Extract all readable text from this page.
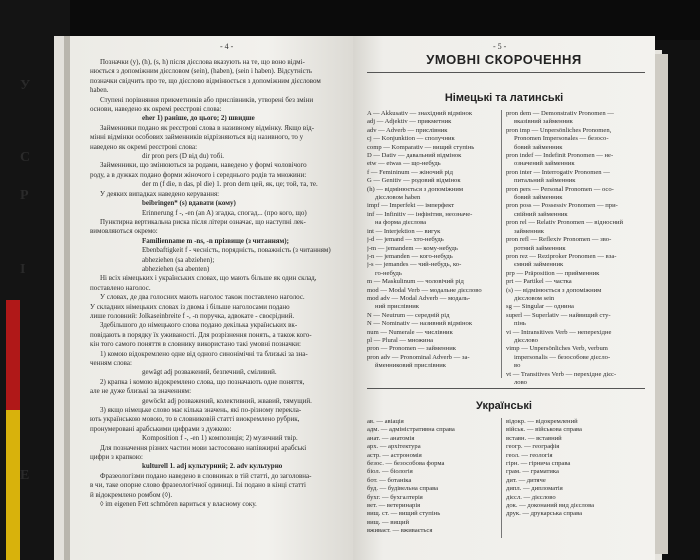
У
С
Р
I
Е
- 4 -
Позначки (у), (h), (s, h) після дієслова вказують на те, що воно відмі-
нюється з допоміжним дієсловом (sein), (haben), (sein і haben). Відсутність
позначки свідчить про те, що дієслово відмінюється з допоміжним дієсловом
haben.
Ступені порівняння прикметників або прислівників, утворені без зміни
основи, наведено як окремі реєстрові слова:
eher 1) раніше, до цього; 2) швидше
Займенники подано як реєстрові слова в називному відмінку. Якщо від-
мінні відмінки особових займенників відрізняються від називного, то у
наведено як окремі реєстрові слова:
dir pron pers (D від du) тобі.
Займенники, що змінюються за родами, наведено у формі чоловічого
роду, а в дужках подано форми жіночого і середнього родів та множини:
der m (f die, n das, pl die) 1. pron dem цей, як, це; той, та, те.
У деяких випадках наведено керування:
beibringen* (s) вдавати (кому)
Erinnerung f -, -en (an A) згадка, спогад... (про кого, що)
Пунктирна вертикальна риска після літери означає, що наступні лек-
вимовляються окремо:
Familienname m -ns, -n прізвище (з читанням);
Ebenbaftigkeit f - чесність, порядність, поважність (з читанням)
abheziehen (sa abziehen);
abheziehen (sa abenten)
Ні всіх німецьких і українських словах, що мають більше як один склад,
поставлено наголос.
У словах, де два голосних мають наголос також поставлено наголос.
У складних німецьких словах із двома і більше наголосами подано
лише головний: Jolkaseinbreite f -, -n поручка, адвокате - своєрідний.
Здебільшого до німецького слова подано декілька українських вк-
повідають в порядку їх уживаності. Для розрізнення понять, а також кого-
кін того самого поняття в словнику використано такі умовні позначки:
1) комою відокремлено одне від одного синонімічні та близькі за зна-
ченням слова:
gewägt adj розважений, безпечний, сміливий.
2) крапка і комою відокремлено слова, що позначають одне поняття,
але не дуже близькі за значенням:
gewöckt adj розважений, колективний, жвавий, тямущий.
3) якщо німецьке слово має кілька значень, які по-різному перекла-
ють українською мовою, то в словниковій статті виокремлено рубрик,
пронумеровані арабськими цифрами з дужкою:
Komposition f -, -en 1) композиція; 2) музичний твір.
Для позначення різних частин мови застосовано напівжирні арабські
цифри з крапкою:
kulturell 1. adj культурний; 2. adv культурно
Фразеологізми подано наведено в словниках в тій статті, до заголовна-
в чи, таке опорне слово фразеологічної одиниці. Ізі подано в кінці статті
й відокремлено ромбом (◊).
◊ im eigenen Fett schmören вариться у власному соку.
- 5 -
УМОВНІ СКОРОЧЕННЯ
Німецькі та латинські
A — Akkusativ — знахідний відмінок
adj — Adjektiv — прикметник
adv — Adverb — прислівник
cj — Konjunktion — сполучник
comp — Komparativ — вищий ступінь
D — Dativ — давальний відмінок
etw — etwas — що-небудь
f — Femininum — жіночий рід
G — Genitiv — родовий відмінок
(h) — відмінюється з допоміжним
дієсловом haben
impf — Imperfekt — імперфект
inf — Infinitiv — інфінітив, неозначе-
на форма дієслова
int — Interjektion — вигук
j-d — jemand — хто-небудь
j-m — jemandem — кому-небудь
j-n — jemanden — кого-небудь
j-s — jemandes — чий-небудь, ко-
го-небудь
m — Maskulinum — чоловічий рід
mod — Modal Verb — модальне дієслово
mod adv — Modal Adverb — модаль-
ний прислівник
N — Neutrum — середній рід
N — Nominativ — називний відмінок
num — Numerale — числівник
pl — Plural — множина
pron — Pronomen — займенник
pron adv — Pronominal Adverb — за-
йменниковий прислівник
pron dem — Demonstrativ Pronomen —
вказівний займенник
pron imp — Unpersönliches Pronomen,
Pronomen Impersonales — безосо-
бовий займенник
pron indef — Indefinit Pronomen — не-
означений займенник
pron inter — Interrogativ Pronomen —
питальний займенник
pron pers — Personal Pronomen — осо-
бовий займенник
pron poss — Possessiv Pronomen — при-
свійний займенник
pron rel — Relativ Pronomen — відносний
займенник
pron refl — Reflexiv Pronomen — зво-
ротний займенник
pron rez — Reziproker Pronomen — вза-
ємний займенник
prp — Präposition — прийменник
prt — Partikel — частка
(s) — відмінюється з допоміжним
дієсловом sein
sg — Singular — однина
superl — Superlativ — найвищий сту-
пінь
vi — Intransitives Verb — неперехідне
дієслово
vimp — Unpersönliches Verb, verbum
impersonalis — безособове дієсло-
во
vt — Transitives Verb — перехідне дієс-
лово
Українські
ав. — авіація
адм. — адміністративна справа
анат. — анатомія
арх. — архітектура
астр. — астрономія
безос. — безособова форма
біол. — біологія
бот. — ботаніка
буд. — будівельна справа
бухг. — бухгалтерія
вет. — ветеринарія
вищ. ст. — вищий ступінь
вищ. — вищий
вживаєт. — вживається
відокр. — відокремлений
військ. — військова справа
вставн. — вставний
геогр. — географія
геол. — геологія
гірн. — гірнича справа
грам. — граматика
дит. — дитяче
дипл. — дипломатія
дієсл. — дієслово
док. — доконаний вид дієслова
друк. — друкарська справа
